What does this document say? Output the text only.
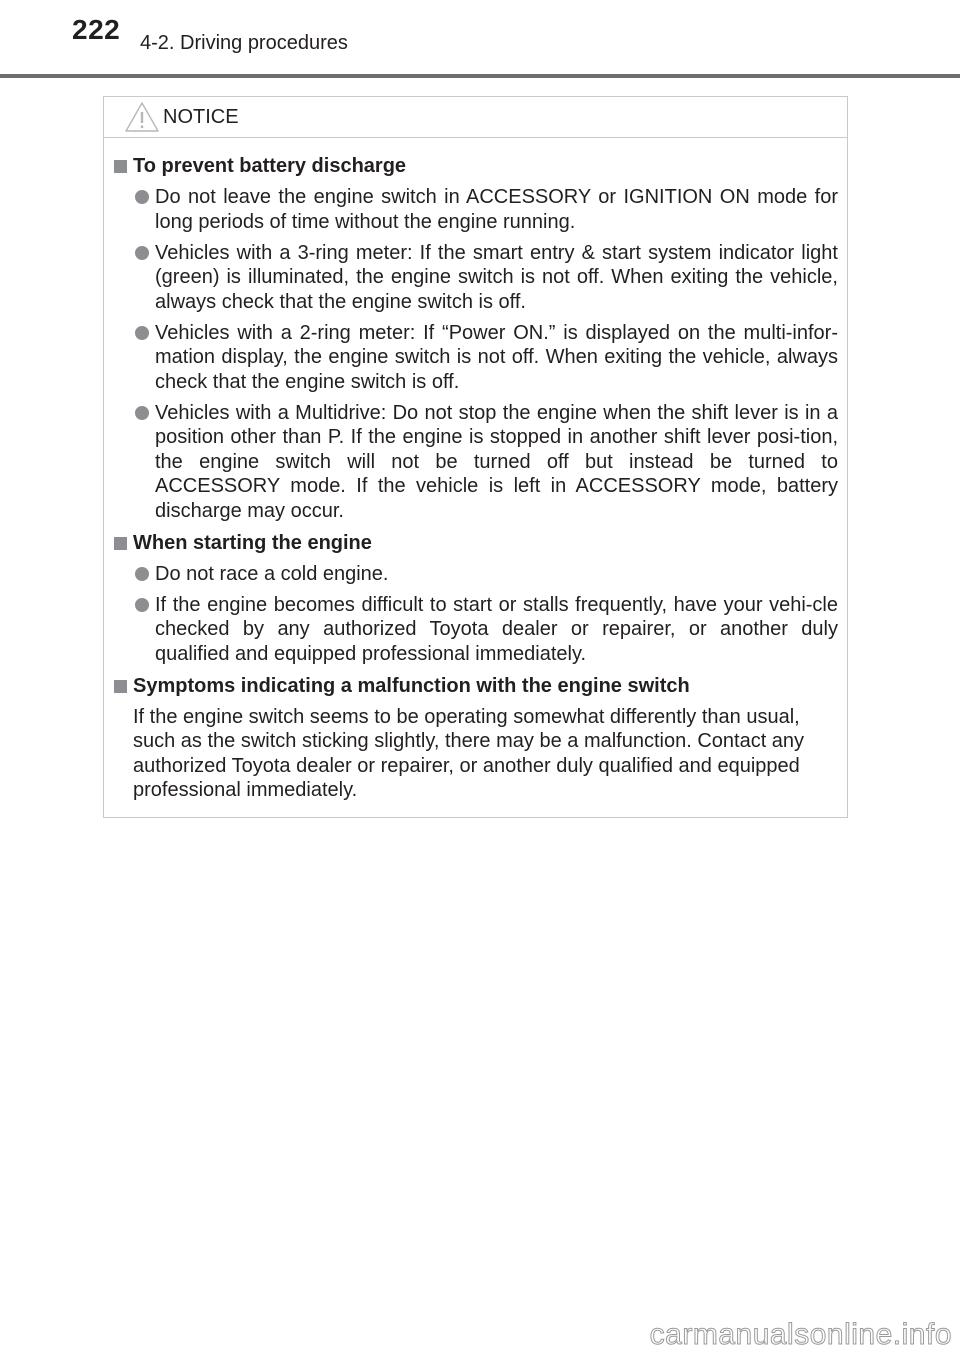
222 4-2. Driving procedures
NOTICE
To prevent battery discharge
Do not leave the engine switch in ACCESSORY or IGNITION ON mode for long periods of time without the engine running.
Vehicles with a 3-ring meter: If the smart entry & start system indicator light (green) is illuminated, the engine switch is not off. When exiting the vehicle, always check that the engine switch is off.
Vehicles with a 2-ring meter: If “Power ON.” is displayed on the multi-infor-mation display, the engine switch is not off. When exiting the vehicle, always check that the engine switch is off.
Vehicles with a Multidrive: Do not stop the engine when the shift lever is in a position other than P. If the engine is stopped in another shift lever posi-tion, the engine switch will not be turned off but instead be turned to ACCESSORY mode. If the vehicle is left in ACCESSORY mode, battery discharge may occur.
When starting the engine
Do not race a cold engine.
If the engine becomes difficult to start or stalls frequently, have your vehi-cle checked by any authorized Toyota dealer or repairer, or another duly qualified and equipped professional immediately.
Symptoms indicating a malfunction with the engine switch
If the engine switch seems to be operating somewhat differently than usual, such as the switch sticking slightly, there may be a malfunction. Contact any authorized Toyota dealer or repairer, or another duly qualified and equipped professional immediately.
carmanualsonline.info
